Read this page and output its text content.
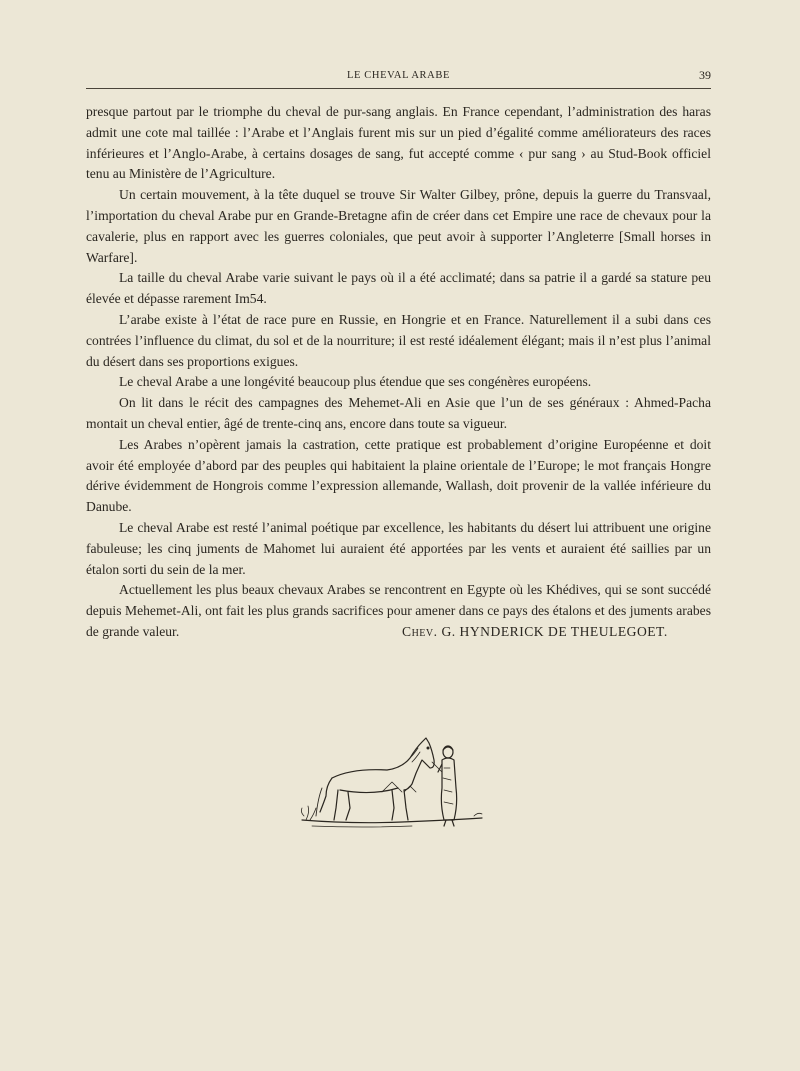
LE CHEVAL ARABE	39

presque partout par le triomphe du cheval de pur-sang anglais. En France cependant, l’administration des haras admit une cote mal taillée : l’Arabe et l’Anglais furent mis sur un pied d’égalité comme améliorateurs des races inférieures et l’Anglo-Arabe, à certains dosages de sang, fut accepté comme ‹ pur sang › au Stud-Book officiel tenu au Ministère de l’Agriculture.

Un certain mouvement, à la tête duquel se trouve Sir Walter Gilbey, prône, depuis la guerre du Transvaal, l’importation du cheval Arabe pur en Grande-Bretagne afin de créer dans cet Empire une race de chevaux pour la cavalerie, plus en rapport avec les guerres coloniales, que peut avoir à supporter l’Angleterre [Small horses in Warfare].

La taille du cheval Arabe varie suivant le pays où il a été acclimaté; dans sa patrie il a gardé sa stature peu élevée et dépasse rarement Im54.

L’arabe existe à l’état de race pure en Russie, en Hongrie et en France. Naturellement il a subi dans ces contrées l’influence du climat, du sol et de la nourriture; il est resté idéalement élégant; mais il n’est plus l’animal du désert dans ses proportions exigues.

Le cheval Arabe a une longévité beaucoup plus étendue que ses congénères européens.

On lit dans le récit des campagnes des Mehemet-Ali en Asie que l’un de ses généraux : Ahmed-Pacha montait un cheval entier, âgé de trente-cinq ans, encore dans toute sa vigueur.

Les Arabes n’opèrent jamais la castration, cette pratique est probablement d’origine Européenne et doit avoir été employée d’abord par des peuples qui habitaient la plaine orientale de l’Europe; le mot français Hongre dérive évidemment de Hongrois comme l’expression allemande, Wallash, doit provenir de la vallée inférieure du Danube.

Le cheval Arabe est resté l’animal poétique par excellence, les habitants du désert lui attribuent une origine fabuleuse; les cinq juments de Mahomet lui auraient été apportées par les vents et auraient été saillies par un étalon sorti du sein de la mer.

Actuellement les plus beaux chevaux Arabes se rencontrent en Egypte où les Khédives, qui se sont succédé depuis Mehemet-Ali, ont fait les plus grands sacrifices pour amener dans ce pays des étalons et des juments arabes de grande valeur.	Chev. G. HYNDERICK DE THEULEGOET.
